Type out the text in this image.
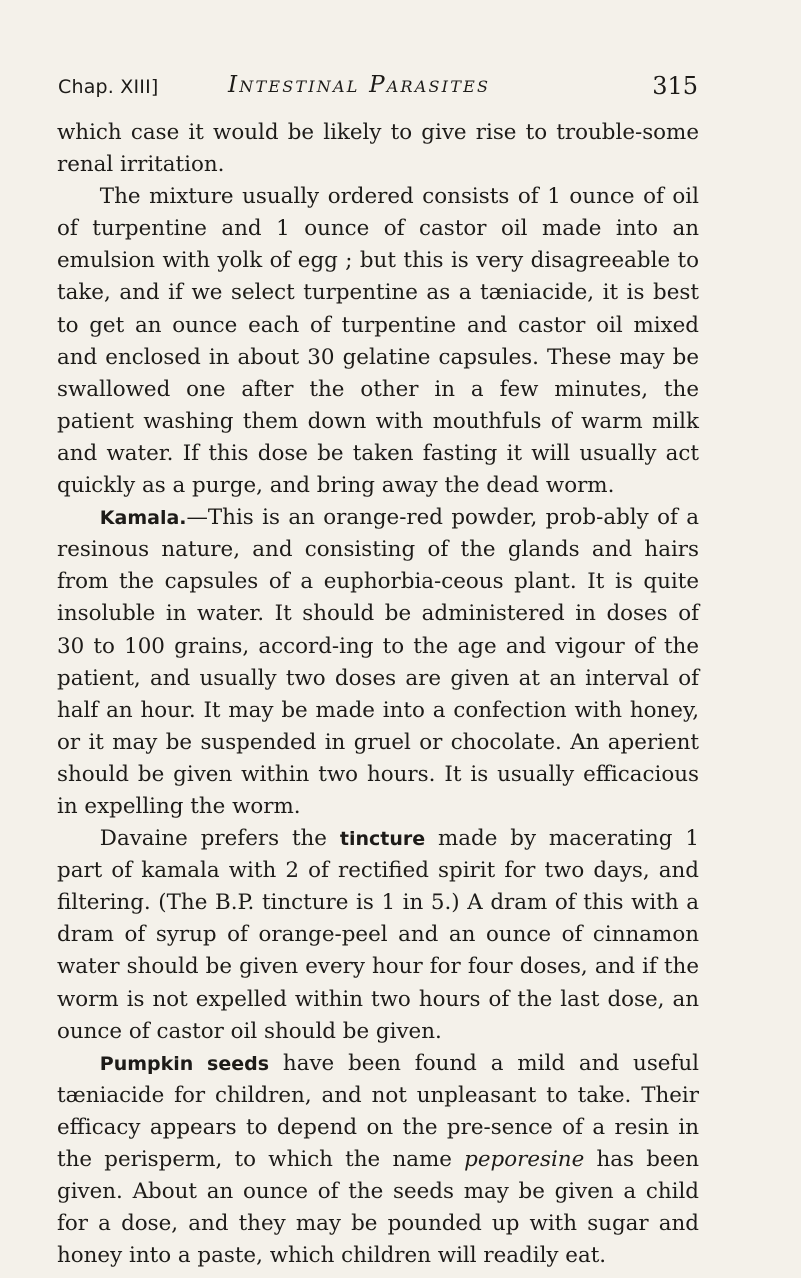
Chap. XIII]	Intestinal Parasites	315

which case it would be likely to give rise to trouble-some renal irritation.

The mixture usually ordered consists of 1 ounce of oil of turpentine and 1 ounce of castor oil made into an emulsion with yolk of egg ; but this is very disagreeable to take, and if we select turpentine as a tæniacide, it is best to get an ounce each of turpentine and castor oil mixed and enclosed in about 30 gelatine capsules. These may be swallowed one after the other in a few minutes, the patient washing them down with mouthfuls of warm milk and water. If this dose be taken fasting it will usually act quickly as a purge, and bring away the dead worm.

Kamala.—This is an orange-red powder, prob-ably of a resinous nature, and consisting of the glands and hairs from the capsules of a euphorbia-ceous plant. It is quite insoluble in water. It should be administered in doses of 30 to 100 grains, accord-ing to the age and vigour of the patient, and usually two doses are given at an interval of half an hour. It may be made into a confection with honey, or it may be suspended in gruel or chocolate. An aperient should be given within two hours. It is usually efficacious in expelling the worm.

Davaine prefers the tincture made by macerating 1 part of kamala with 2 of rectified spirit for two days, and filtering. (The B.P. tincture is 1 in 5.) A dram of this with a dram of syrup of orange-peel and an ounce of cinnamon water should be given every hour for four doses, and if the worm is not expelled within two hours of the last dose, an ounce of castor oil should be given.

Pumpkin seeds have been found a mild and useful tæniacide for children, and not unpleasant to take. Their efficacy appears to depend on the pre-sence of a resin in the perisperm, to which the name peporesine has been given. About an ounce of the seeds may be given a child for a dose, and they may be pounded up with sugar and honey into a paste, which children will readily eat.
